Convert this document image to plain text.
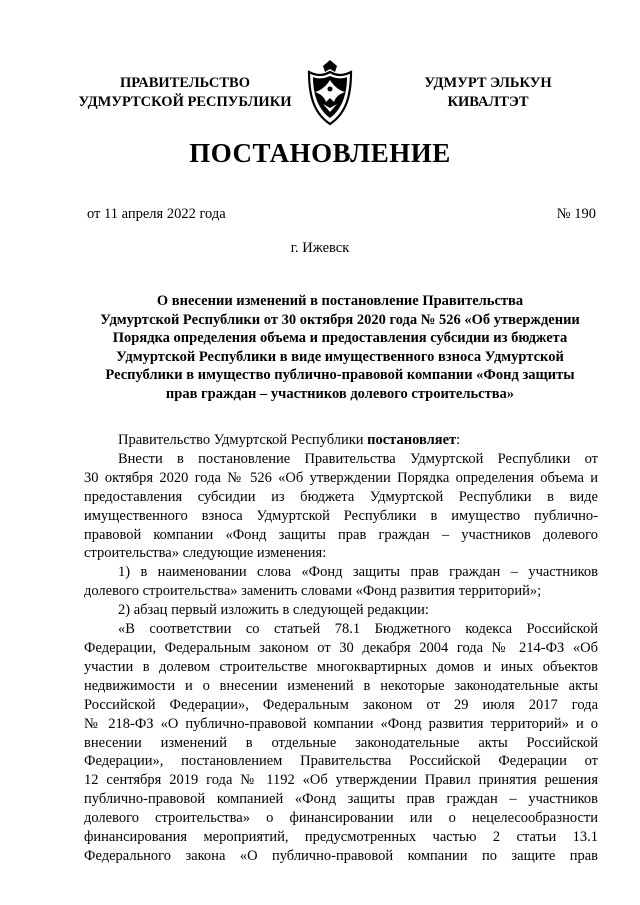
ПРАВИТЕЛЬСТВО
УДМУРТСКОЙ РЕСПУБЛИКИ
УДМУРТ ЭЛЬКУН
КИВАЛТЭТ
ПОСТАНОВЛЕНИЕ
от 11 апреля 2022 года	№ 190
г. Ижевск
О внесении изменений в постановление Правительства
Удмуртской Республики от 30 октября 2020 года № 526 «Об утверждении
Порядка определения объема и предоставления субсидии из бюджета
Удмуртской Республики в виде имущественного взноса Удмуртской
Республики в имущество публично-правовой компании «Фонд защиты
прав граждан – участников долевого строительства»
Правительство Удмуртской Республики постановляет:
Внести в постановление Правительства Удмуртской Республики от
30 октября 2020 года № 526 «Об утверждении Порядка определения объема и
предоставления субсидии из бюджета Удмуртской Республики в виде
имущественного взноса Удмуртской Республики в имущество публично-
правовой компании «Фонд защиты прав граждан – участников долевого
строительства» следующие изменения:
1) в наименовании слова «Фонд защиты прав граждан – участников
долевого строительства» заменить словами «Фонд развития территорий»;
2) абзац первый изложить в следующей редакции:
«В соответствии со статьей 78.1 Бюджетного кодекса Российской
Федерации, Федеральным законом от 30 декабря 2004 года № 214-ФЗ «Об
участии в долевом строительстве многоквартирных домов и иных объектов
недвижимости и о внесении изменений в некоторые законодательные акты
Российской Федерации», Федеральным законом от 29 июля 2017 года
№ 218-ФЗ «О публично-правовой компании «Фонд развития территорий» и о
внесении изменений в отдельные законодательные акты Российской
Федерации», постановлением Правительства Российской Федерации от
12 сентября 2019 года № 1192 «Об утверждении Правил принятия решения
публично-правовой компанией «Фонд защиты прав граждан – участников
долевого строительства» о финансировании или о нецелесообразности
финансирования мероприятий, предусмотренных частью 2 статьи 13.1
Федерального закона «О публично-правовой компании по защите прав
